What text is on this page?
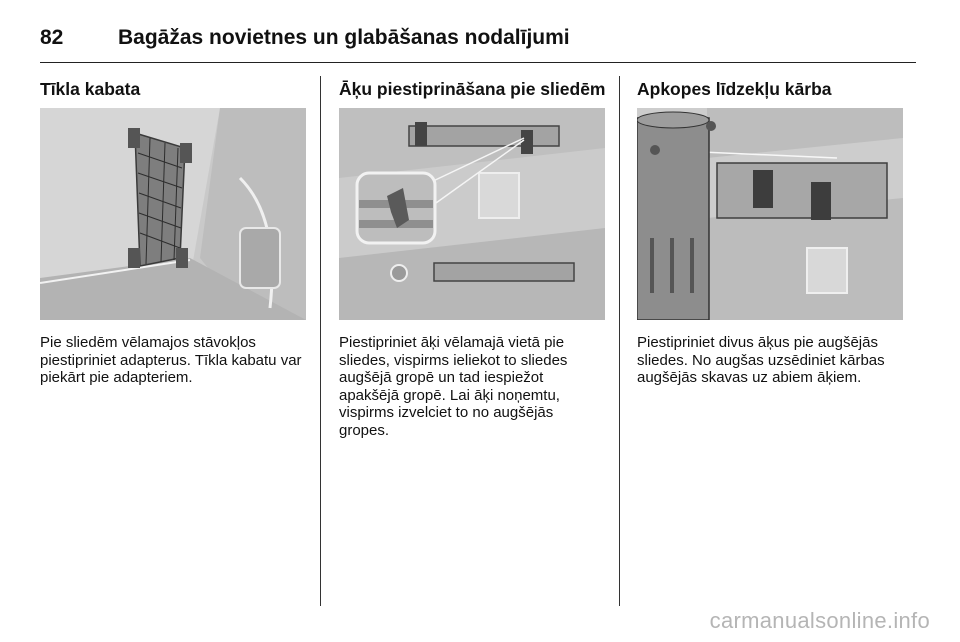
82	Bagāžas novietnes un glabāšanas nodalījumi
Tīkla kabata

Pie sliedēm vēlamajos stāvokļos piestipriniet adapterus. Tīkla kabatu var piekārt pie adapteriem.

Āķu piestiprināšana pie sliedēm

Piestipriniet āķi vēlamajā vietā pie sliedes, vispirms ieliekot to sliedes augšējā gropē un tad iespiežot apakšējā gropē. Lai āķi noņemtu, vispirms izvelciet to no augšējās gropes.

Apkopes līdzekļu kārba

Piestipriniet divus āķus pie augšējās sliedes. No augšas uzsēdiniet kārbas augšējās skavas uz abiem āķiem.

carmanualsonline.info
